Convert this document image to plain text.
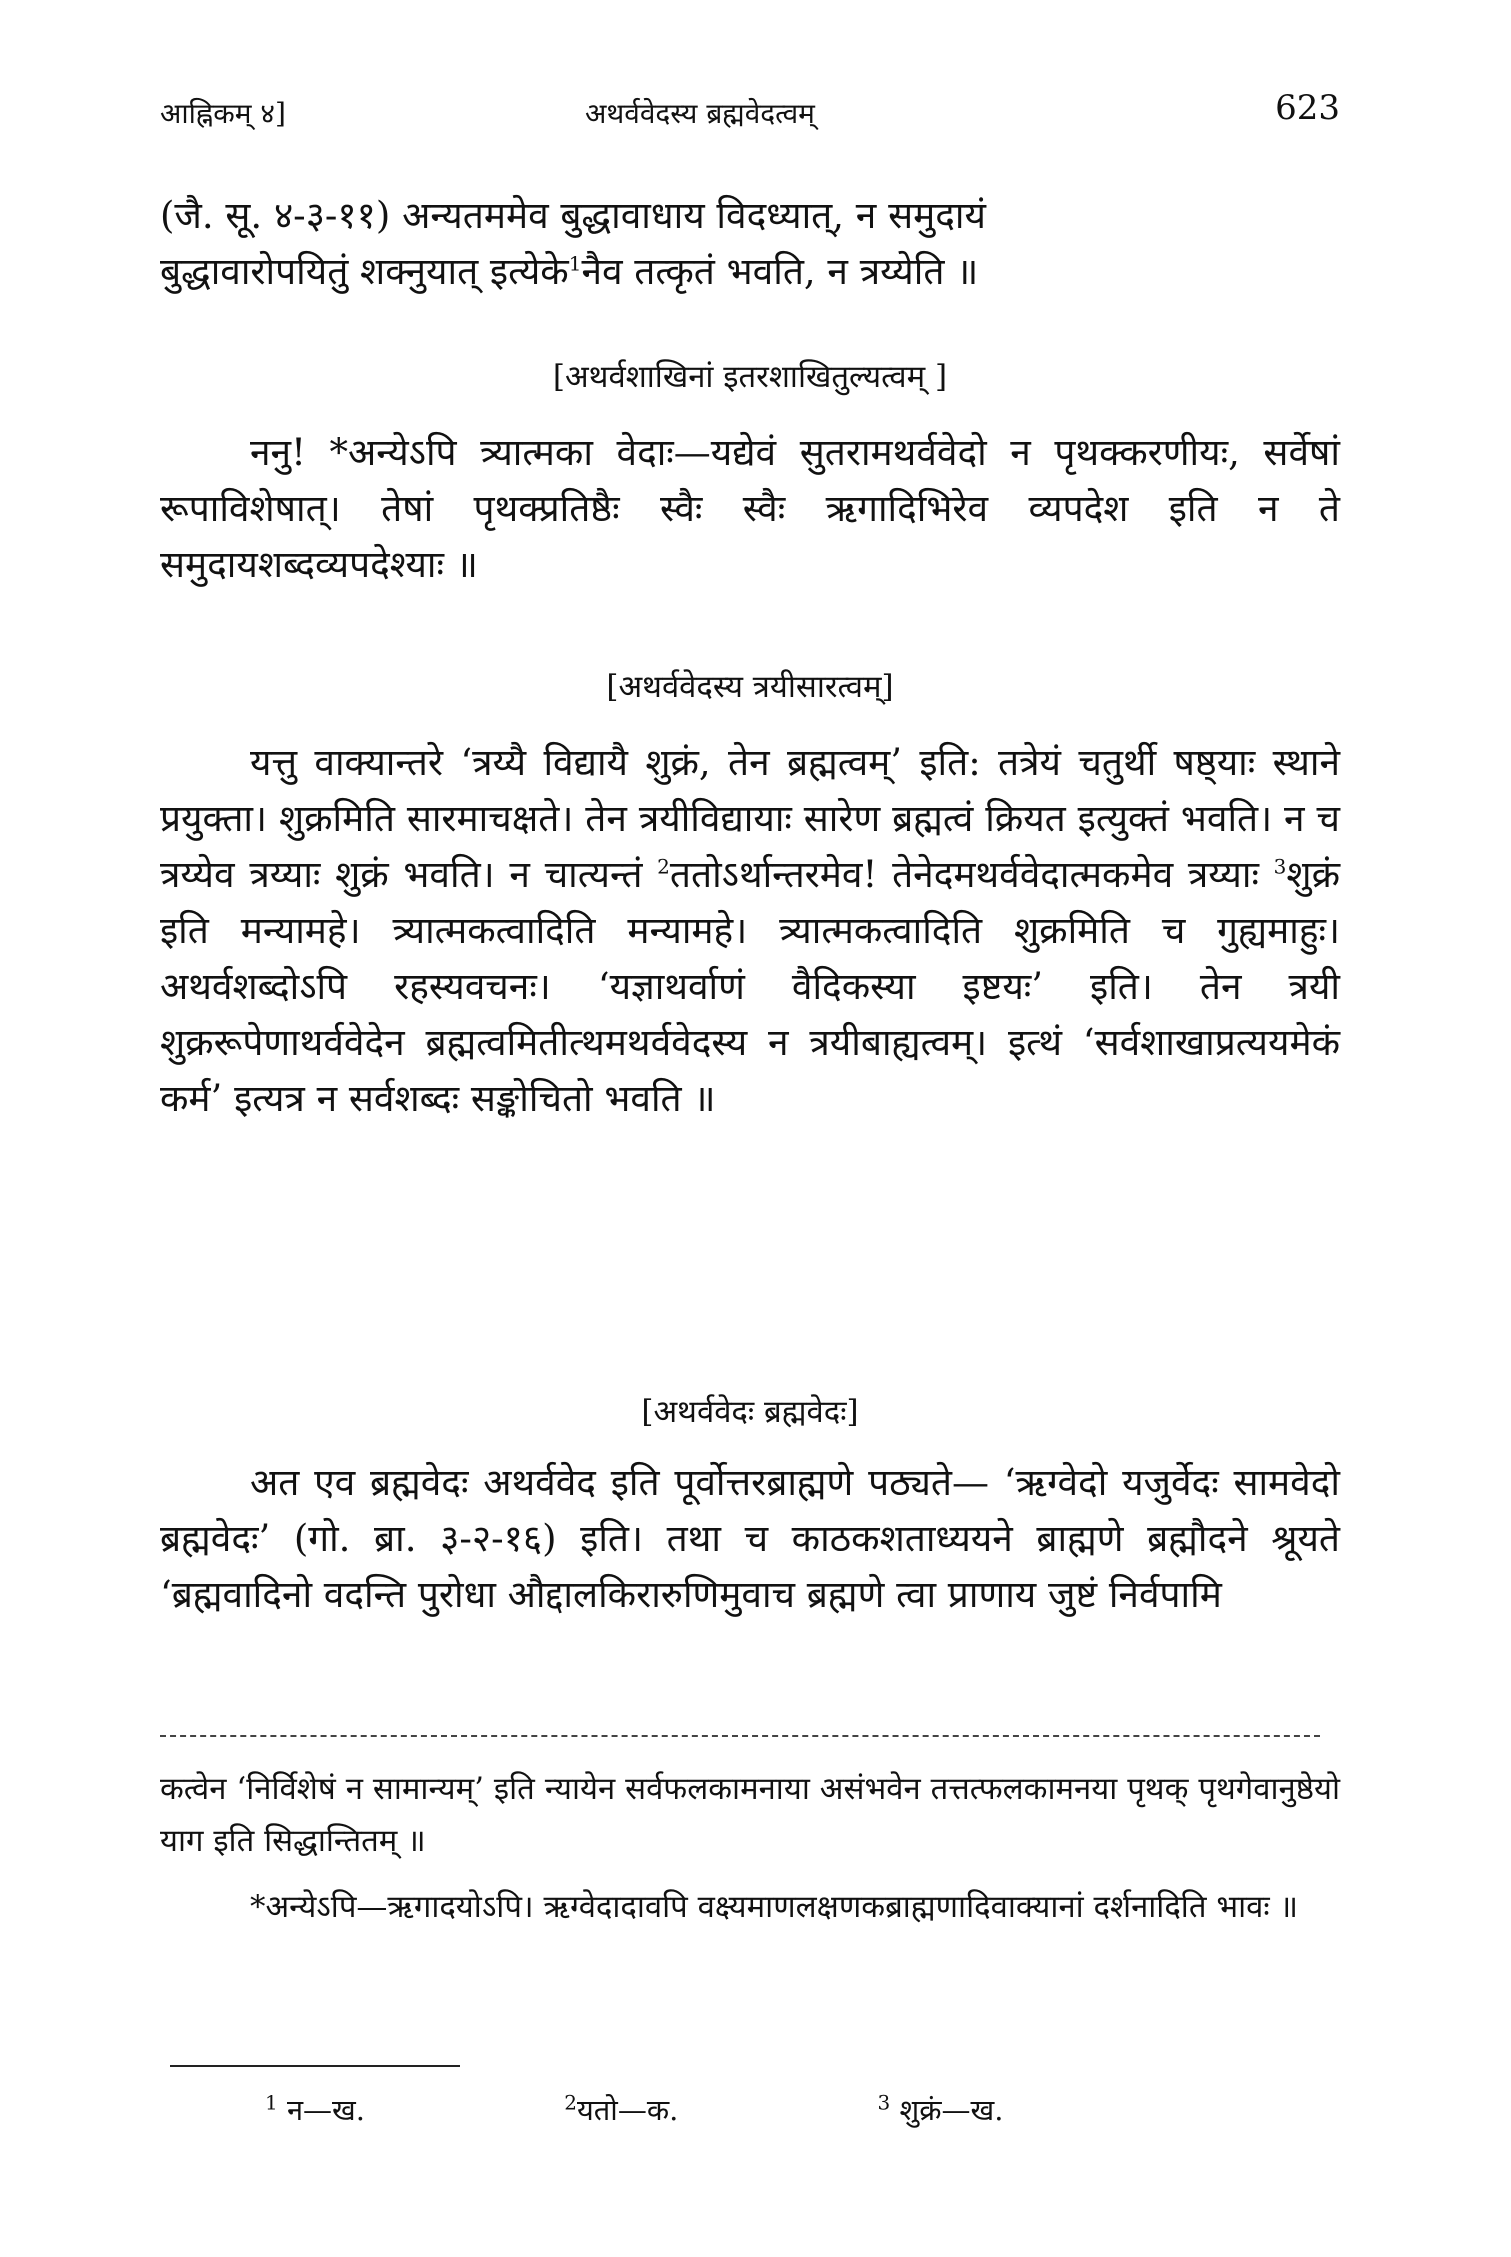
आह्निकम् ४]	अथर्ववेदस्य ब्रह्मवेदत्वम्	623

(जै. सू. ४-३-११) अन्यतममेव बुद्धावाधाय विदध्यात्, न समुदायं

बुद्धावारोपयितुं शक्नुयात् इत्येके$^1$नैव तत्कृतं भवति, न त्रय्येति ॥

[अथर्वशाखिनां इतरशाखितुल्यत्वम् ]

ननु! *अन्येऽपि त्र्यात्मका वेदाः—यद्येवं सुतरामथर्ववेदो न पृथक्करणीयः, सर्वेषां रूपाविशेषात्। तेषां पृथक्प्रतिष्ठैः स्वैः स्वैः ऋगादिभिरेव व्यपदेश इति न ते समुदायशब्दव्यपदेश्याः ॥

[अथर्ववेदस्य त्रयीसारत्वम्]

यत्तु वाक्यान्तरे ‘त्रय्यै विद्यायै शुक्रं, तेन ब्रह्मत्वम्’ इति: तत्रेयं चतुर्थी षष्ठ्याः स्थाने प्रयुक्ता। शुक्रमिति सारमाचक्षते। तेन त्रयीविद्यायाः सारेण ब्रह्मत्वं क्रियत इत्युक्तं भवति। न च त्रय्येव त्रय्याः शुक्रं भवति। न चात्यन्तं $^2$ततोऽर्थान्तरमेव! तेनेदमथर्ववेदात्मकमेव त्रय्याः $^3$शुक्रं इति मन्यामहे। त्र्यात्मकत्वादिति मन्यामहे। त्र्यात्मकत्वादिति शुक्रमिति च गुह्यमाहुः। अथर्वशब्दोऽपि रहस्यवचनः। ‘यज्ञाथर्वाणं वैदिकस्या इष्टयः’ इति। तेन त्रयी शुक्ररूपेणाथर्ववेदेन ब्रह्मत्वमितीत्थमथर्ववेदस्य न त्रयीबाह्यत्वम्। इत्थं ‘सर्वशाखाप्रत्ययमेकं कर्म’ इत्यत्र न सर्वशब्दः सङ्कोचितो भवति ॥

[अथर्ववेदः ब्रह्मवेदः]

अत एव ब्रह्मवेदः अथर्ववेद इति पूर्वोत्तरब्राह्मणे पठ्यते— ‘ऋग्वेदो यजुर्वेदः सामवेदो ब्रह्मवेदः’ (गो. ब्रा. ३-२-१६) इति। तथा च काठकशताध्ययने ब्राह्मणे ब्रह्मौदने श्रूयते ‘ब्रह्मवादिनो वदन्ति पुरोधा औद्दालकिरारुणिमुवाच ब्रह्मणे त्वा प्राणाय जुष्टं निर्वपामि

कत्वेन ‘निर्विशेषं न सामान्यम्’ इति न्यायेन सर्वफलकामनाया असंभवेन तत्तत्फलकामनया पृथक् पृथगेवानुष्ठेयो याग इति सिद्धान्तितम् ॥

*अन्येऽपि—ऋगादयोऽपि। ऋग्वेदादावपि वक्ष्यमाणलक्षणकब्राह्मणादिवाक्यानां दर्शनादिति भावः ॥

$^1$ न—ख.	$^2$यतो—क.	$^3$ शुक्रं—ख.
